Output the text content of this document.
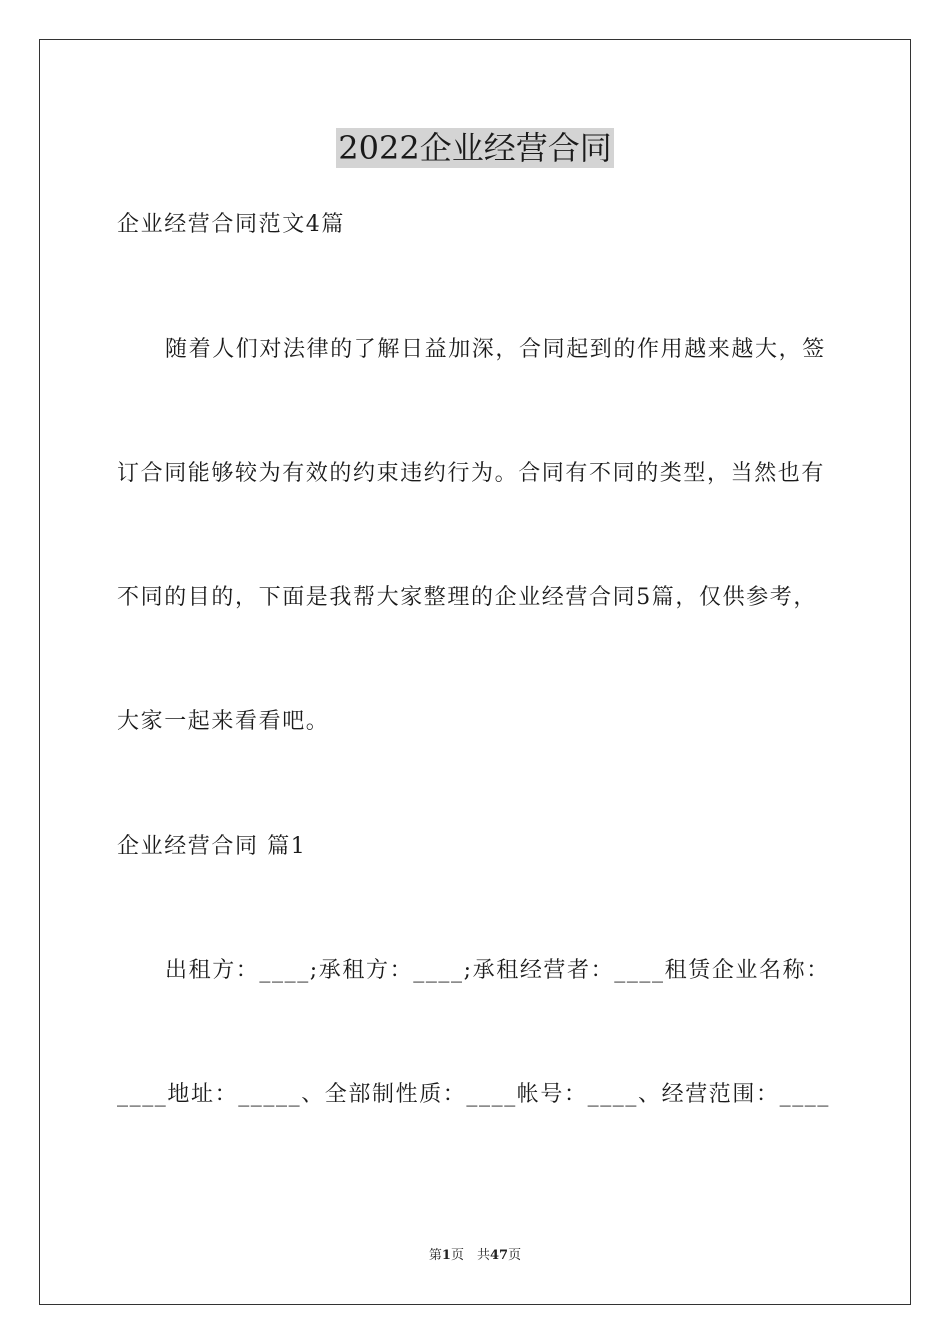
2022企业经营合同
企业经营合同范文4篇
随着人们对法律的了解日益加深，合同起到的作用越来越大，签
订合同能够较为有效的约束违约行为。合同有不同的类型，当然也有
不同的目的，下面是我帮大家整理的企业经营合同5篇，仅供参考，
大家一起来看看吧。
企业经营合同 篇1
出租方：____;承租方：____;承租经营者：____租赁企业名称：
____地址：_____、全部制性质：____帐号：____、经营范围：____
第1页　共47页
